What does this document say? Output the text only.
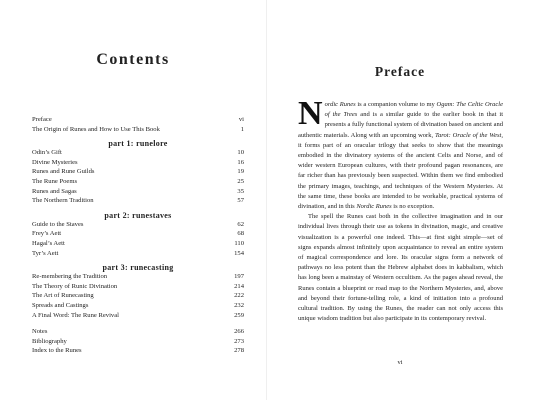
Contents
Preface	vi
The Origin of Runes and How to Use This Book	1
part 1: runelore
Odin’s Gift	10
Divine Mysteries	16
Runes and Rune Guilds	19
The Rune Poems	25
Runes and Sagas	35
The Northern Tradition	57
part 2: runestaves
Guide to the Staves	62
Frey’s Aett	68
Hagal’s Aett	110
Tyr’s Aett	154
part 3: runecasting
Re-membering the Tradition	197
The Theory of Runic Divination	214
The Art of Runecasting	222
Spreads and Castings	232
A Final Word: The Rune Revival	259
Notes	266
Bibliography	273
Index to the Runes	278
Preface

Nordic Runes is a companion volume to my Ogam: The Celtic Oracle of the Trees and is a similar guide to the earlier book in that it presents a fully functional system of divination based on ancient and authentic materials. Along with an upcoming work, Tarot: Oracle of the West, it forms part of an oracular trilogy that seeks to show that the meanings embodied in the divinatory systems of the ancient Celts and Norse, and of wider western European cultures, with their profound pagan resonances, are far richer than has previously been suspected. Within them we find embodied the primary images, teachings, and techniques of the Western Mysteries. At the same time, these books are intended to be workable, practical systems of divination, and in this Nordic Runes is no exception.

The spell the Runes cast both in the collective imagination and in our individual lives through their use as tokens in divination, magic, and creative visualization is a powerful one indeed. This—at first sight simple—set of signs expands almost infinitely upon acquaintance to reveal an entire system of magical correspondence and lore. Its oracular signs form a network of pathways no less potent than the Hebrew alphabet does in kabbalism, which has long been a mainstay of Western occultism. As the pages ahead reveal, the Runes contain a blueprint or road map to the Northern Mysteries, and, above and beyond their fortune-telling role, a kind of initiation into a profound cultural tradition. By using the Runes, the reader can not only access this unique wisdom tradition but also participate in its contemporary revival.

vi
